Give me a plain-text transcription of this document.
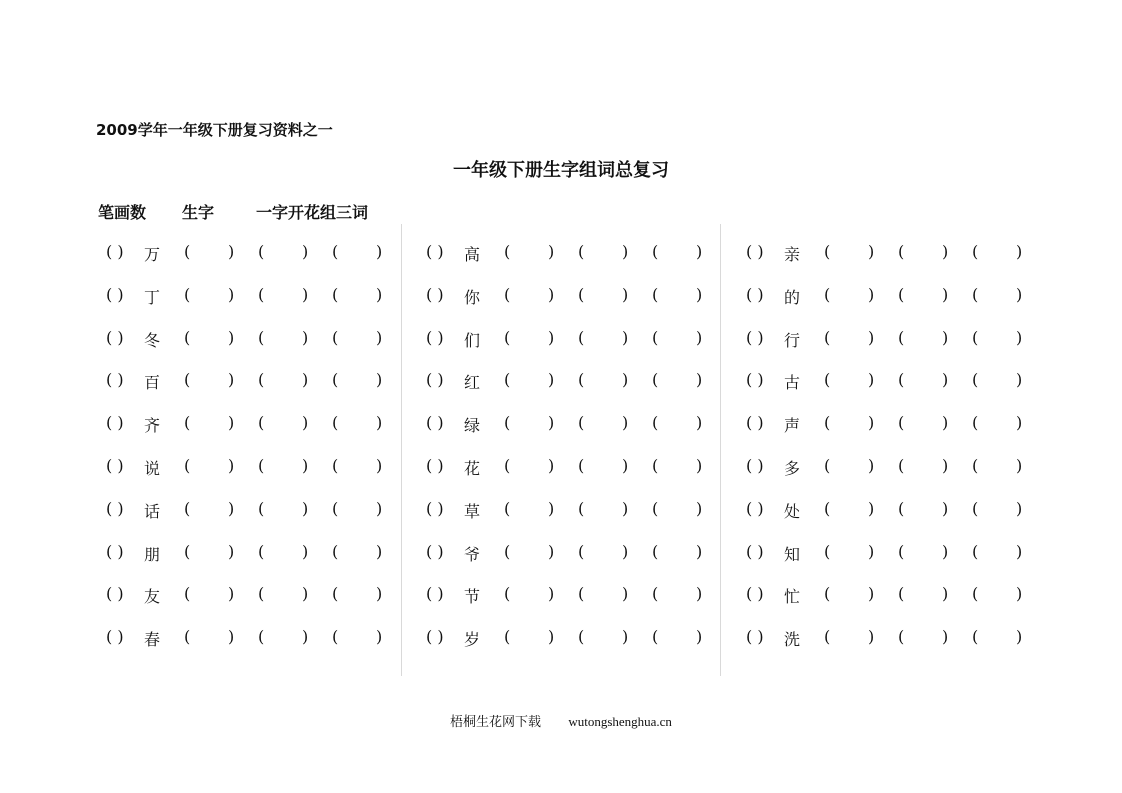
2009学年一年级下册复习资料之一
一年级下册生字组词总复习
笔画数 生字	一字开花组三词
( ) 万 ( ) ( ) ( )
( ) 丁 ( ) ( ) ( )
( ) 冬 ( ) ( ) ( )
( ) 百 ( ) ( ) ( )
( ) 齐 ( ) ( ) ( )
( ) 说 ( ) ( ) ( )
( ) 话 ( ) ( ) ( )
( ) 朋 ( ) ( ) ( )
( ) 友 ( ) ( ) ( )
( ) 春 ( ) ( ) ( )
( ) 高 ( ) ( ) ( )
( ) 你 ( ) ( ) ( )
( ) 们 ( ) ( ) ( )
( ) 红 ( ) ( ) ( )
( ) 绿 ( ) ( ) ( )
( ) 花 ( ) ( ) ( )
( ) 草 ( ) ( ) ( )
( ) 爷 ( ) ( ) ( )
( ) 节 ( ) ( ) ( )
( ) 岁 ( ) ( ) ( )
( ) 亲 ( ) ( ) ( )
( ) 的 ( ) ( ) ( )
( ) 行 ( ) ( ) ( )
( ) 古 ( ) ( ) ( )
( ) 声 ( ) ( ) ( )
( ) 多 ( ) ( ) ( )
( ) 处 ( ) ( ) ( )
( ) 知 ( ) ( ) ( )
( ) 忙 ( ) ( ) ( )
( ) 洗 ( ) ( ) ( )
梧桐生花网下载 wutongshenghua.cn
